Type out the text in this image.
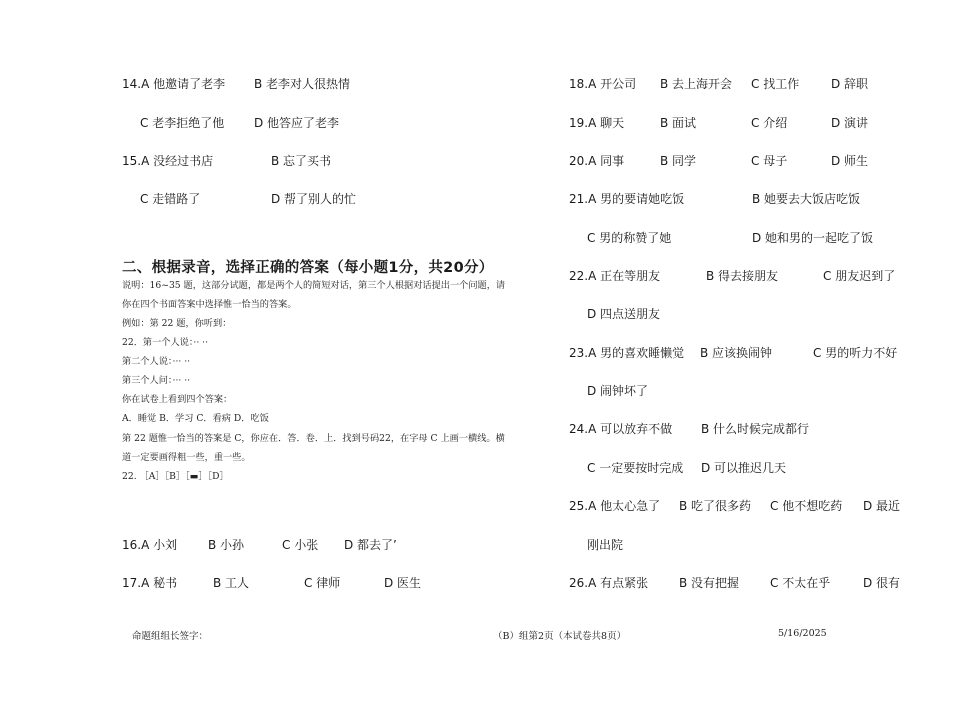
14.A 他邀请了老李 B 老李对人很热情
C 老李拒绝了他 D 他答应了老李
15.A 没经过书店	B 忘了买书
C 走错路了	D 帮了别人的忙
16.A 小刘	B 小孙	C 小张 D 都去了’
17.A 秘书	B 工人	C 律师	D 医生
18.A 开公司 B 去上海开会 C 找工作	D 辞职
19.A 聊天	B 面试	C 介绍	D 演讲
20.A 同事	B 同学	C 母子	D 师生
21.A 男的要请她吃饭	B 她要去大饭店吃饭
C 男的称赞了她	D 她和男的一起吃了饭
22.A 正在等朋友	B 得去接朋友	C 朋友迟到了
D 四点送朋友
23.A 男的喜欢睡懒觉 B 应该换闹钟	C 男的听力不好
D 闹钟坏了
24.A 可以放弃不做 B 什么时候完成都行
C 一定要按时完成 D 可以推迟几天
25.A 他太心急了 B 吃了很多药 C 他不想吃药 D 最近
刚出院
26.A 有点紧张	B 没有把握	C 不太在乎	D 很有
二、根据录音，选择正确的答案（每小题1分，共20分）
说明：16~35 题，这部分试题，都是两个人的简短对话，第三个人根据对话提出一个问题，请
你在四个书面答案中选择惟一恰当的答案。
例如：第 22 题，你听到：
22．第一个人说：·· ··
第二个人说：··· ··
第三个人问：··· ··
你在试卷上看到四个答案：
A．睡觉 B．学习 C．看病 D．吃饭
第 22 题惟一恰当的答案是 C，你应在．答．卷．上．找到号码22，在字母 C 上画一横线。横
道一定要画得粗一些，重一些。
22. ［A］［B］［▬］［D］
命题组组长签字：	（B）组第2页（本试卷共8页）	5/16/2025
